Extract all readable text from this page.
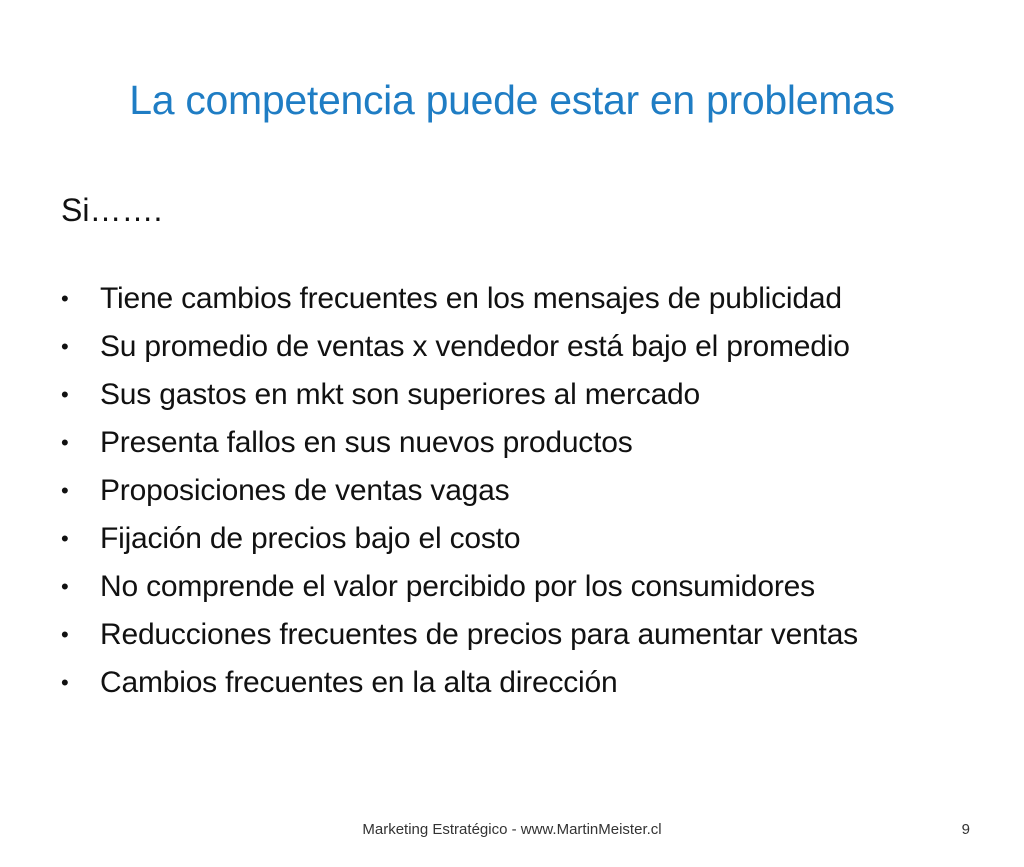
La competencia puede estar en problemas
Si…….
•	Tiene cambios frecuentes en los mensajes de publicidad
•	Su promedio de ventas x vendedor está bajo el promedio
•	Sus gastos en mkt son superiores al mercado
•	Presenta fallos en sus nuevos productos
•	Proposiciones de ventas vagas
•	Fijación de precios bajo el costo
•	No comprende el valor percibido por los consumidores
•	Reducciones frecuentes de precios para aumentar ventas
•	Cambios frecuentes en la alta dirección
Marketing Estratégico - www.MartinMeister.cl	9
